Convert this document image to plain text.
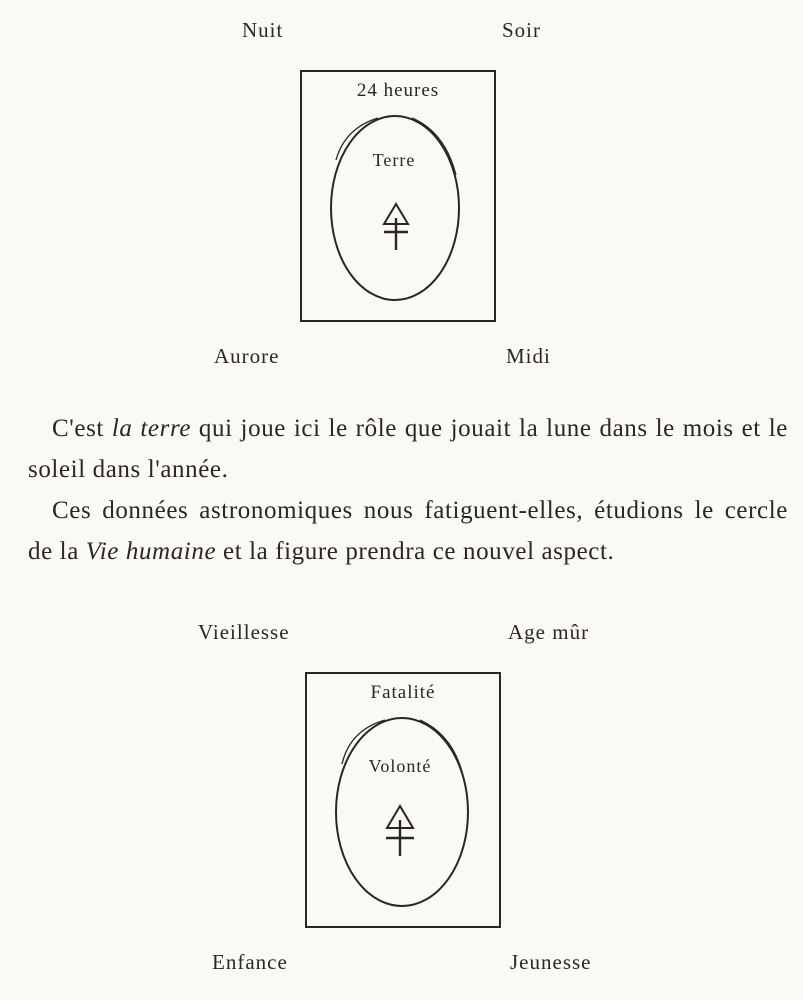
Nuit	Soir
24 heures
Terre
Aurore	Midi

C'est la terre qui joue ici le rôle que jouait la lune dans le mois et le soleil dans l'année.

Ces données astronomiques nous fatiguent-elles, étudions le cercle de la Vie humaine et la figure prendra ce nouvel aspect.

Vieillesse	Age mûr
Fatalité
Volonté
Enfance	Jeunesse
